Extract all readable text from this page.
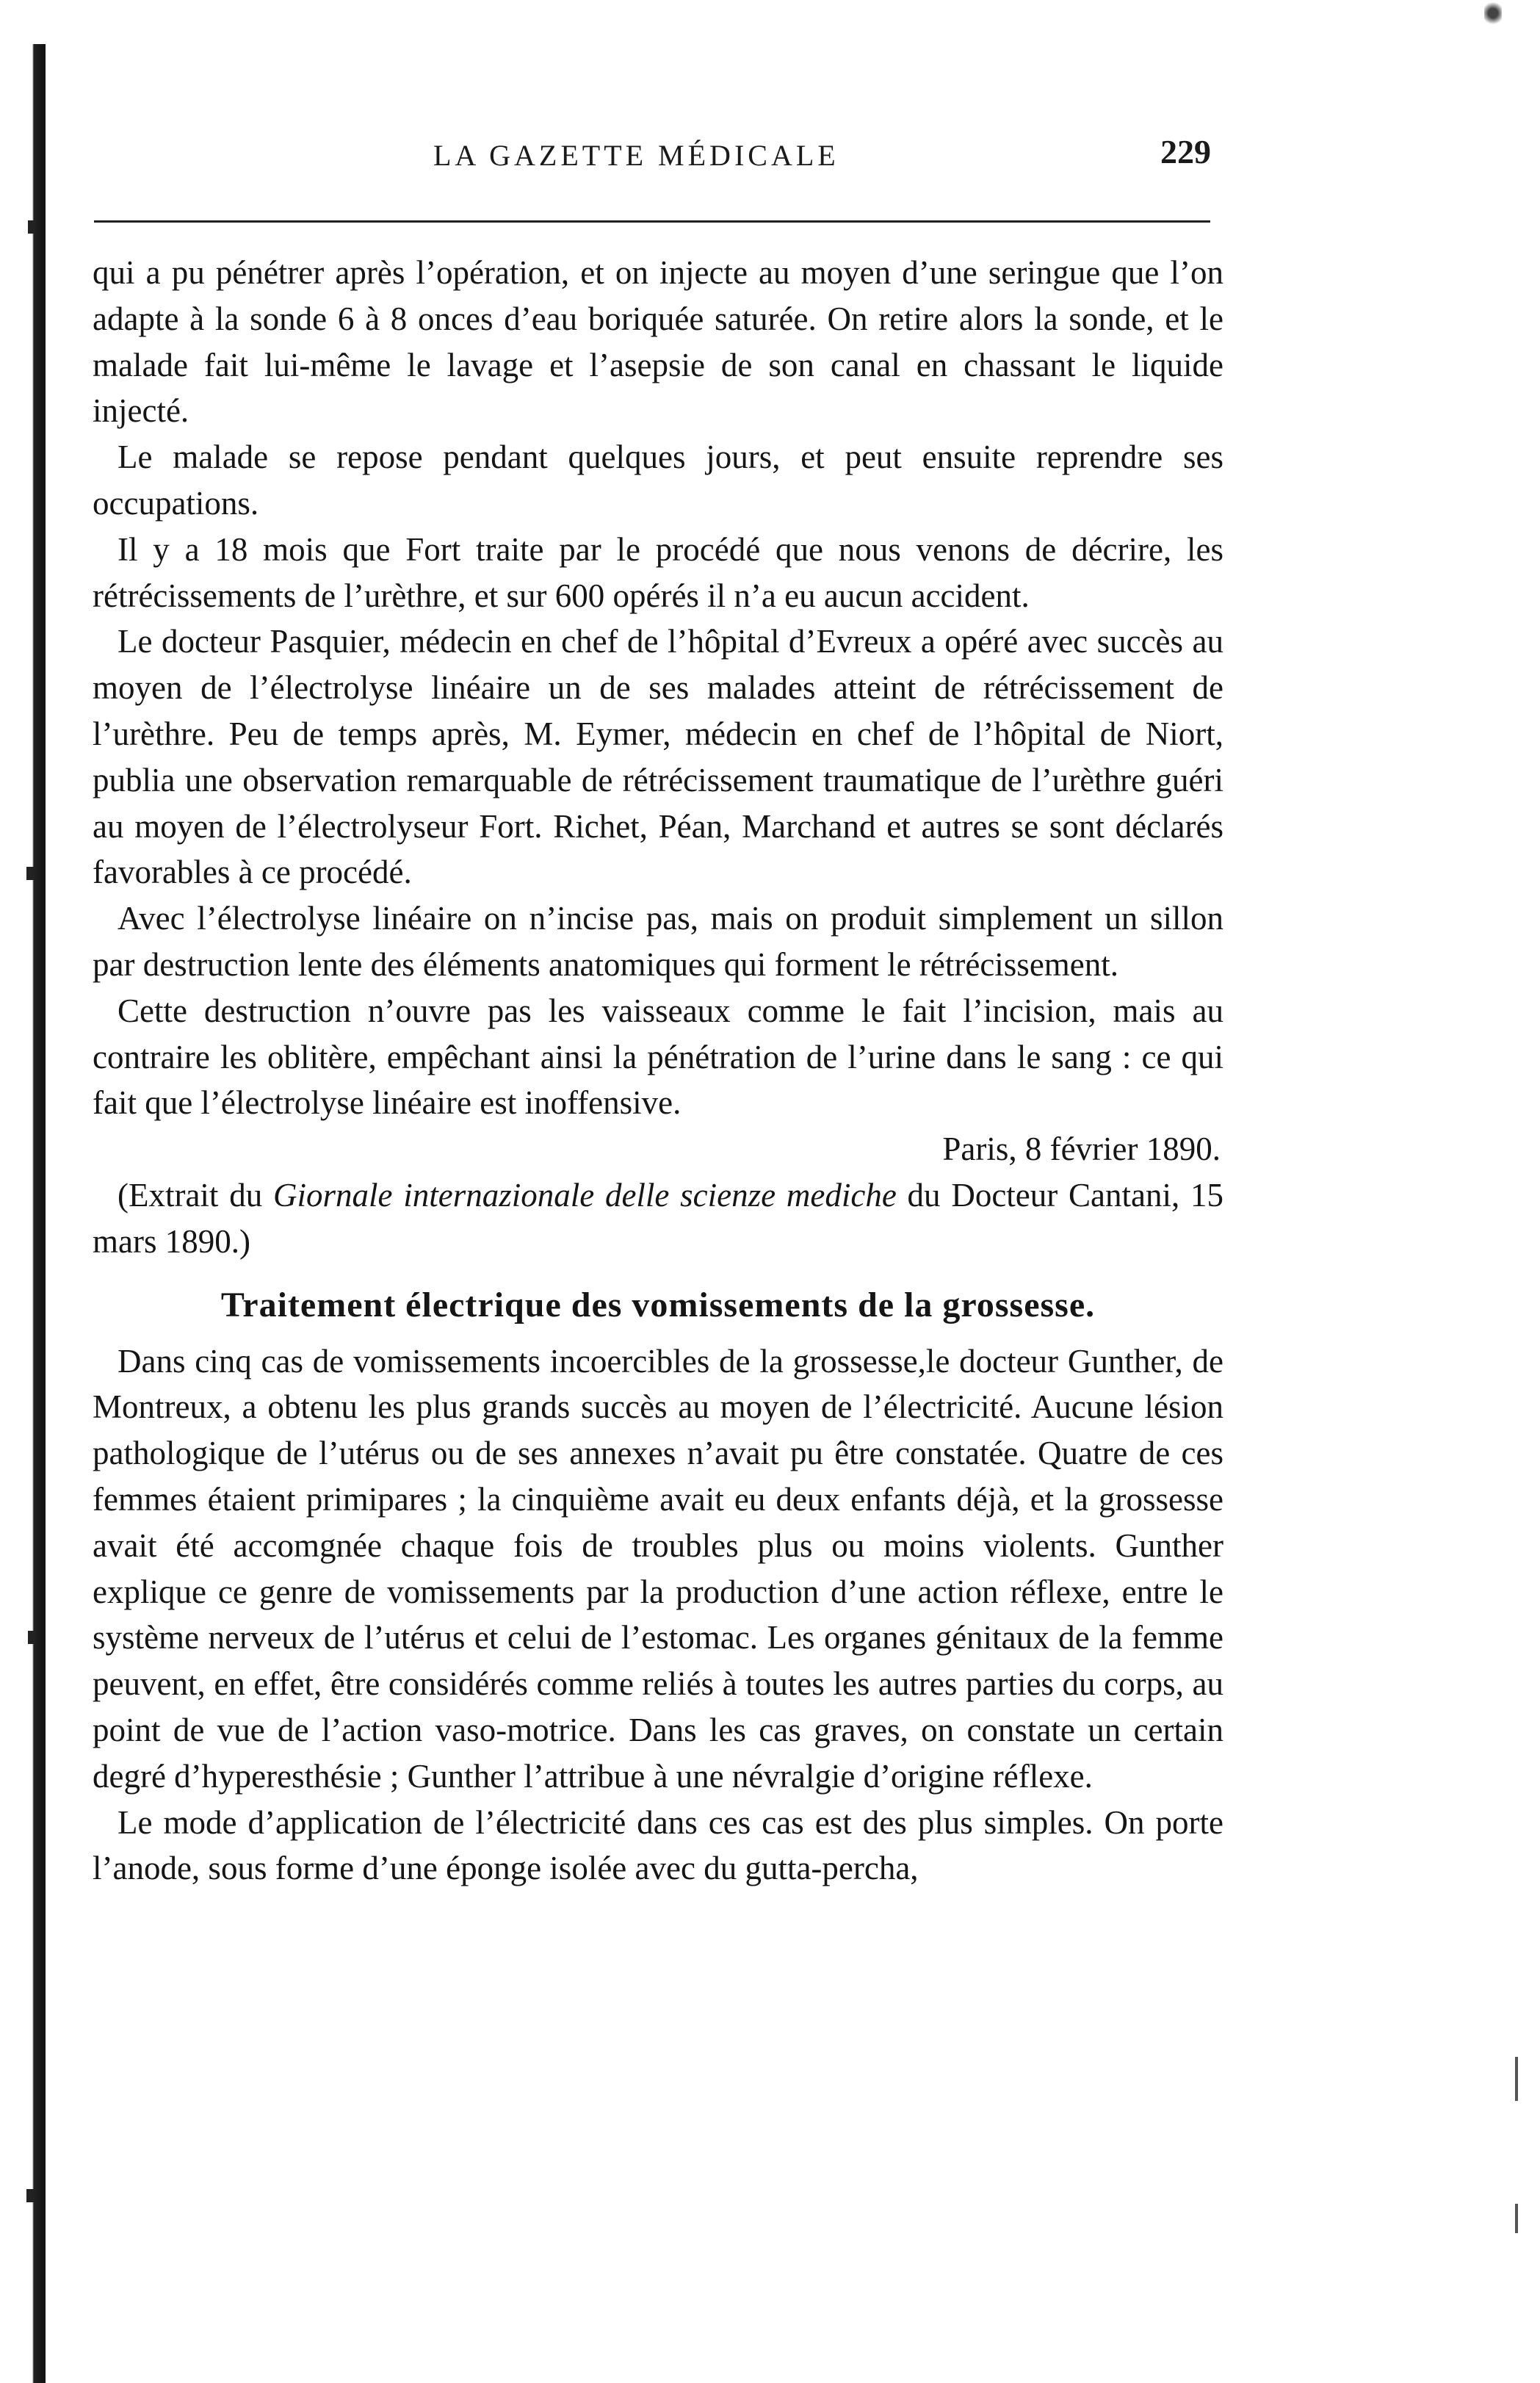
LA GAZETTE MÉDICALE	229

qui a pu pénétrer après l’opération, et on injecte au moyen d’une seringue que l’on adapte à la sonde 6 à 8 onces d’eau boriquée saturée. On retire alors la sonde, et le malade fait lui-même le lavage et l’asepsie de son canal en chassant le liquide injecté.

Le malade se repose pendant quelques jours, et peut ensuite reprendre ses occupations.

Il y a 18 mois que Fort traite par le procédé que nous venons de décrire, les rétrécissements de l’urèthre, et sur 600 opérés il n’a eu aucun accident.

Le docteur Pasquier, médecin en chef de l’hôpital d’Evreux a opéré avec succès au moyen de l’électrolyse linéaire un de ses malades atteint de rétrécissement de l’urèthre. Peu de temps après, M. Eymer, médecin en chef de l’hôpital de Niort, publia une observation remarquable de rétrécissement traumatique de l’urèthre guéri au moyen de l’électrolyseur Fort. Richet, Péan, Marchand et autres se sont déclarés favorables à ce procédé.

Avec l’électrolyse linéaire on n’incise pas, mais on produit simplement un sillon par destruction lente des éléments anatomiques qui forment le rétrécissement.

Cette destruction n’ouvre pas les vaisseaux comme le fait l’incision, mais au contraire les oblitère, empêchant ainsi la pénétration de l’urine dans le sang : ce qui fait que l’électrolyse linéaire est inoffensive.

Paris, 8 février 1890.

(Extrait du Giornale internazionale delle scienze mediche du Docteur Cantani, 15 mars 1890.)

Traitement électrique des vomissements de la grossesse.

Dans cinq cas de vomissements incoercibles de la grossesse,le docteur Gunther, de Montreux, a obtenu les plus grands succès au moyen de l’électricité. Aucune lésion pathologique de l’utérus ou de ses annexes n’avait pu être constatée. Quatre de ces femmes étaient primipares ; la cinquième avait eu deux enfants déjà, et la grossesse avait été accomgnée chaque fois de troubles plus ou moins violents. Gunther explique ce genre de vomissements par la production d’une action réflexe, entre le système nerveux de l’utérus et celui de l’estomac. Les organes génitaux de la femme peuvent, en effet, être considérés comme reliés à toutes les autres parties du corps, au point de vue de l’action vaso-motrice. Dans les cas graves, on constate un certain degré d’hyperesthésie ; Gunther l’attribue à une névralgie d’origine réflexe.

Le mode d’application de l’électricité dans ces cas est des plus simples. On porte l’anode, sous forme d’une éponge isolée avec du gutta-percha,
